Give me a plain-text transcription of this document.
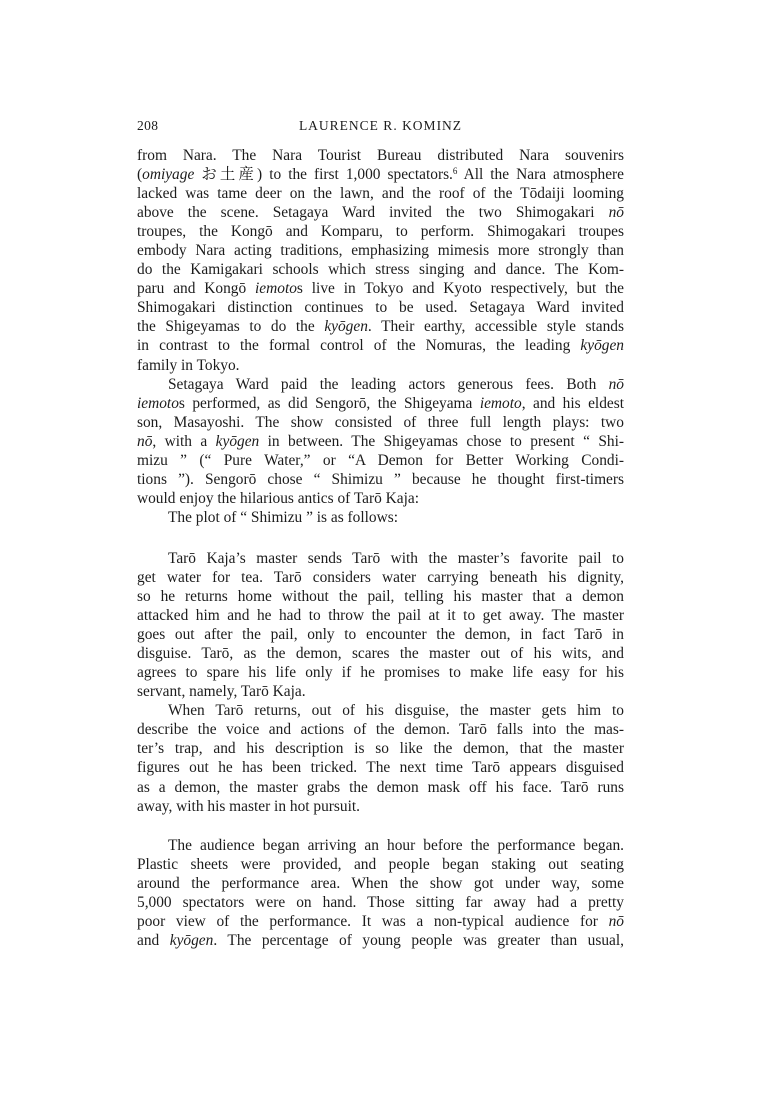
208	LAURENCE R. KOMINZ
from Nara. The Nara Tourist Bureau distributed Nara souvenirs
(omiyage お土産) to the first 1,000 spectators.$^6$ All the Nara atmosphere
lacked was tame deer on the lawn, and the roof of the Tōdaiji looming
above the scene. Setagaya Ward invited the two Shimogakari nō
troupes, the Kongō and Komparu, to perform. Shimogakari troupes
embody Nara acting traditions, emphasizing mimesis more strongly than
do the Kamigakari schools which stress singing and dance. The Kom-
paru and Kongō iemotos live in Tokyo and Kyoto respectively, but the
Shimogakari distinction continues to be used. Setagaya Ward invited
the Shigeyamas to do the kyōgen. Their earthy, accessible style stands
in contrast to the formal control of the Nomuras, the leading kyōgen
family in Tokyo.
Setagaya Ward paid the leading actors generous fees. Both nō
iemotos performed, as did Sengorō, the Shigeyama iemoto, and his eldest
son, Masayoshi. The show consisted of three full length plays: two
nō, with a kyōgen in between. The Shigeyamas chose to present “ Shi-
mizu ” (“ Pure Water,” or “A Demon for Better Working Condi-
tions ”). Sengorō chose “ Shimizu ” because he thought first-timers
would enjoy the hilarious antics of Tarō Kaja:
The plot of “ Shimizu ” is as follows:
Tarō Kaja’s master sends Tarō with the master’s favorite pail to
get water for tea. Tarō considers water carrying beneath his dignity,
so he returns home without the pail, telling his master that a demon
attacked him and he had to throw the pail at it to get away. The master
goes out after the pail, only to encounter the demon, in fact Tarō in
disguise. Tarō, as the demon, scares the master out of his wits, and
agrees to spare his life only if he promises to make life easy for his
servant, namely, Tarō Kaja.
When Tarō returns, out of his disguise, the master gets him to
describe the voice and actions of the demon. Tarō falls into the mas-
ter’s trap, and his description is so like the demon, that the master
figures out he has been tricked. The next time Tarō appears disguised
as a demon, the master grabs the demon mask off his face. Tarō runs
away, with his master in hot pursuit.
The audience began arriving an hour before the performance began.
Plastic sheets were provided, and people began staking out seating
around the performance area. When the show got under way, some
5,000 spectators were on hand. Those sitting far away had a pretty
poor view of the performance. It was a non-typical audience for nō
and kyōgen. The percentage of young people was greater than usual,
